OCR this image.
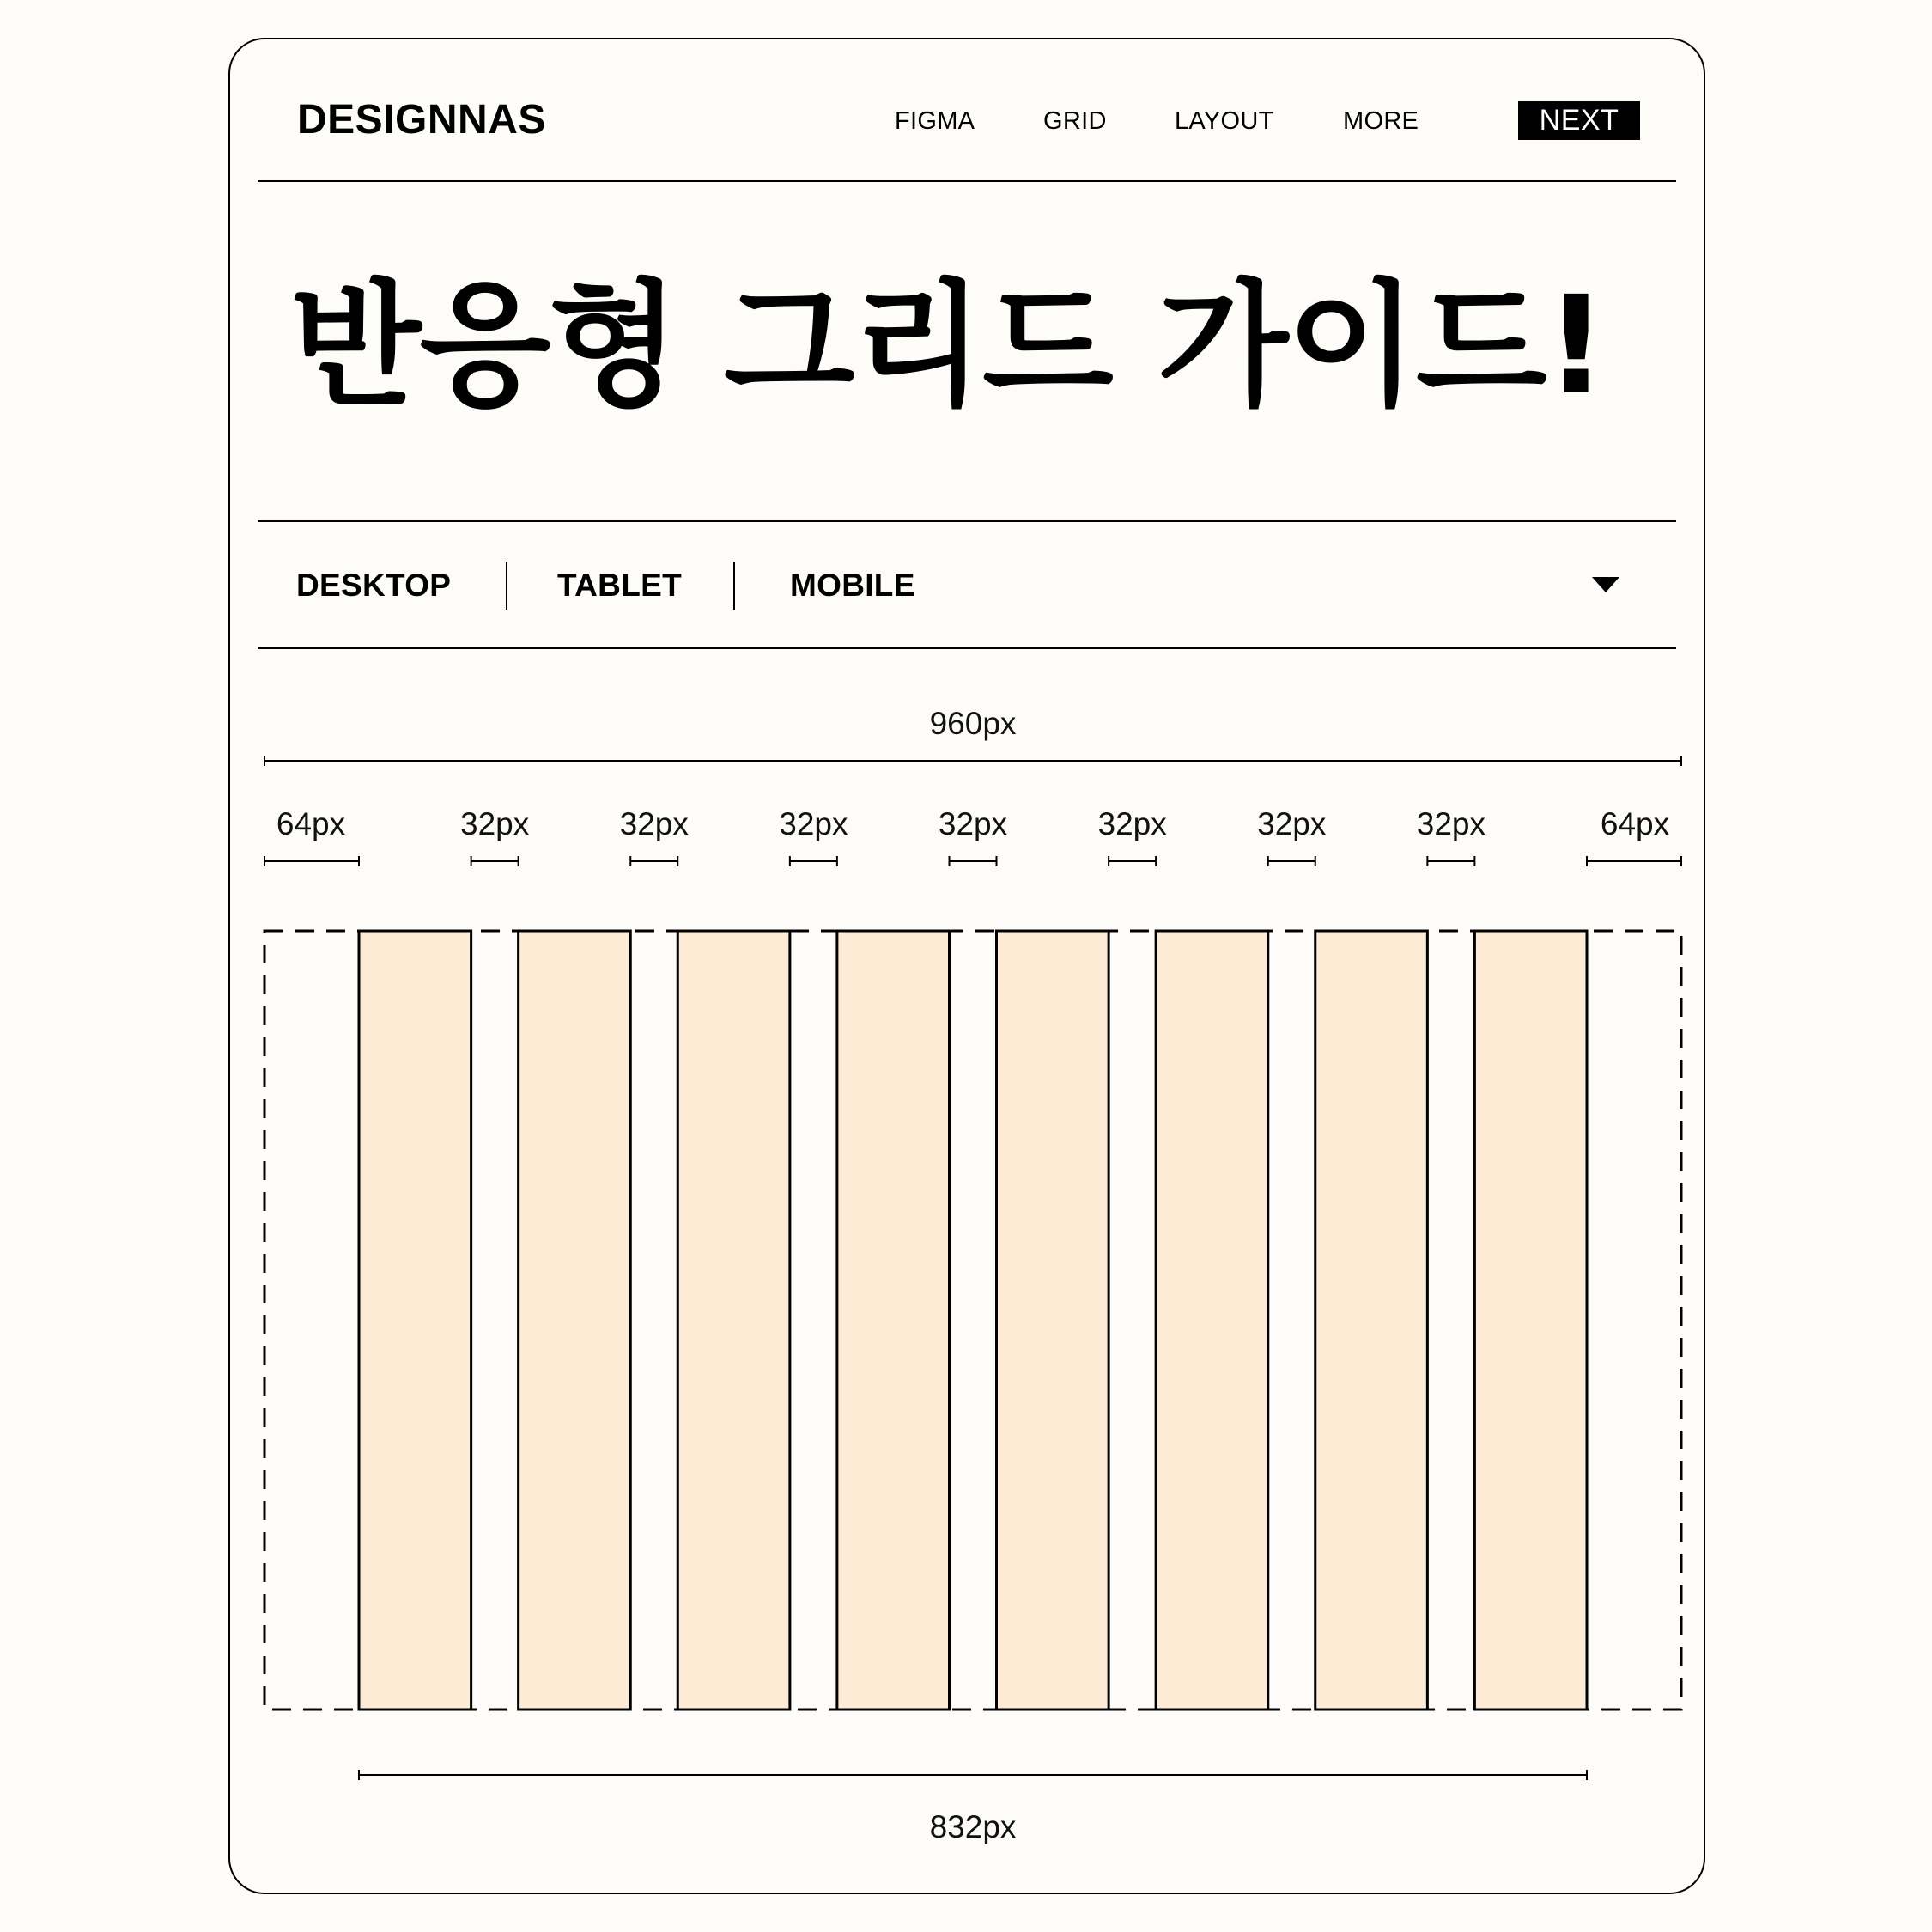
DESIGNNAS	FIGMA	GRID	LAYOUT	MORE	NEXT
반응형 그리드 가이드!
DESKTOP	TABLET	MOBILE
960px
64px	32px	32px	32px	32px	32px	32px	32px	64px
832px
